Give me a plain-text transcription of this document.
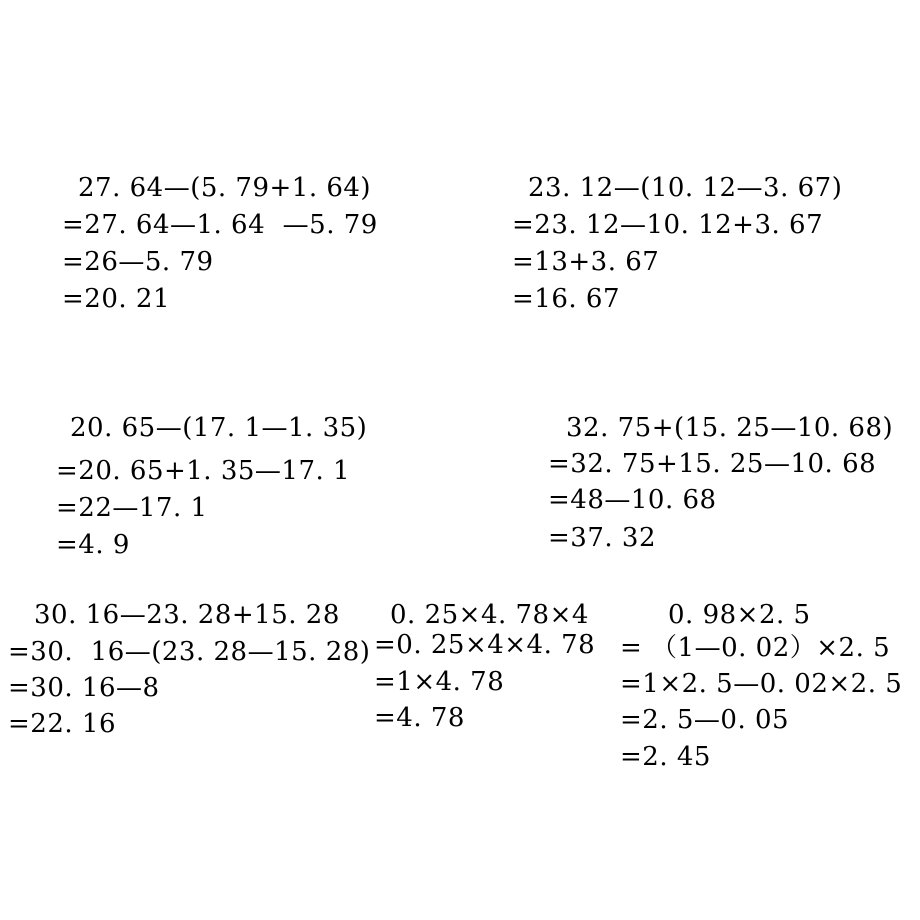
27. 64—(5. 79+1. 64)

=27. 64—1. 64  —5. 79

=26—5. 79

=20. 21

23. 12—(10. 12—3. 67)

=23. 12—10. 12+3. 67

=13+3. 67

=16. 67

20. 65—(17. 1—1. 35)

=20. 65+1. 35—17. 1

=22—17. 1

=4. 9

32. 75+(15. 25—10. 68)

=32. 75+15. 25—10. 68

=48—10. 68

=37. 32

30. 16—23. 28+15. 28

=30.  16—(23. 28—15. 28)

=30. 16—8

=22. 16

0. 25×4. 78×4

=0. 25×4×4. 78

=1×4. 78

=4. 78

0. 98×2. 5

= （1—0. 02）×2. 5

=1×2. 5—0. 02×2. 5

=2. 5—0. 05

=2. 45
